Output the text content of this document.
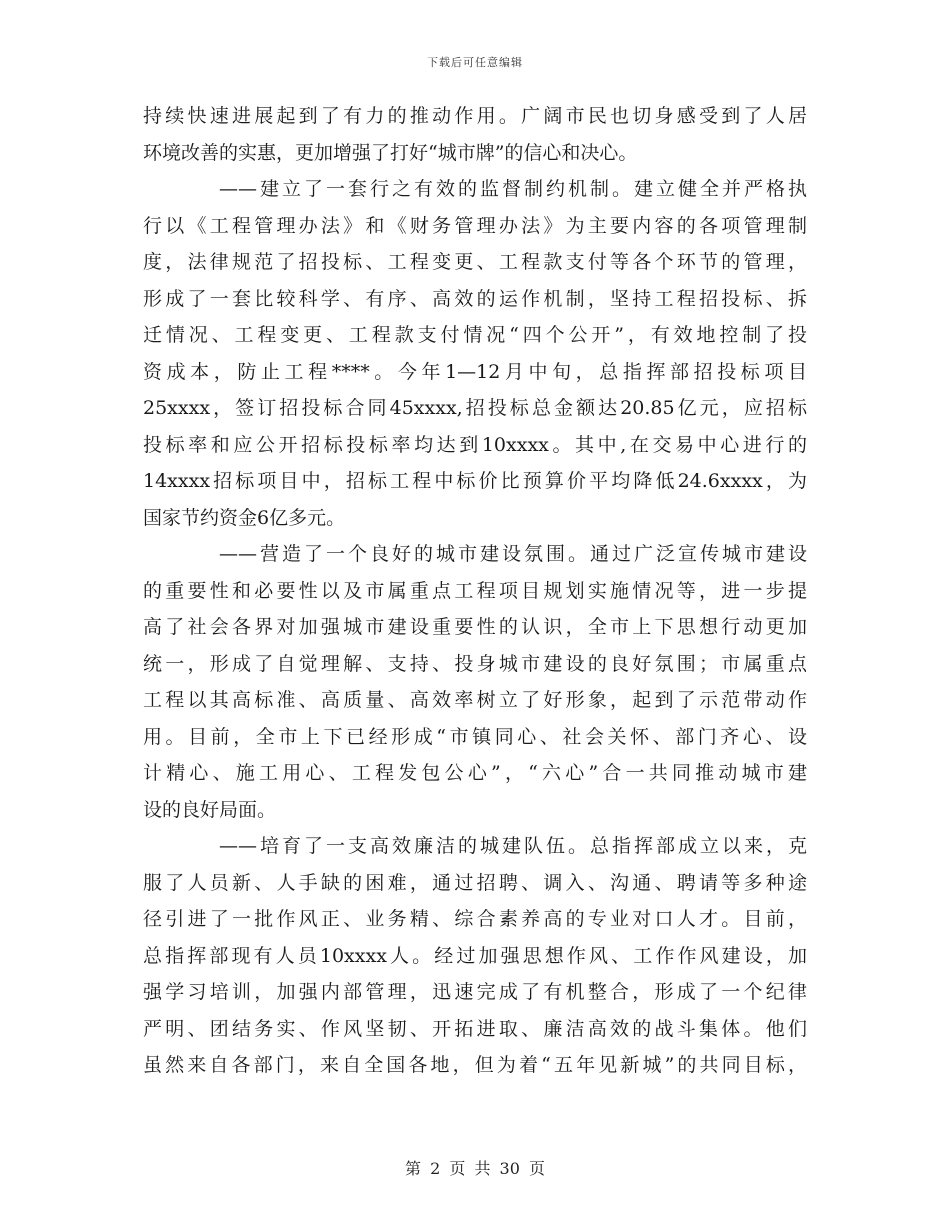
下载后可任意编辑
持续快速进展起到了有力的推动作用。广阔市民也切身感受到了人居
环境改善的实惠，更加增强了打好“城市牌”的信心和决心。
——建立了一套行之有效的监督制约机制。建立健全并严格执
行以《工程管理办法》和《财务管理办法》为主要内容的各项管理制
度，法律规范了招投标、工程变更、工程款支付等各个环节的管理，
形成了一套比较科学、有序、高效的运作机制，坚持工程招投标、拆
迁情况、工程变更、工程款支付情况“四个公开”，有效地控制了投
资成本，防止工程****。今年1—12月中旬，总指挥部招投标项目
25xxxx，签订招投标合同45xxxx,招投标总金额达20.85亿元，应招标
投标率和应公开招标投标率均达到10xxxx。其中,在交易中心进行的
14xxxx招标项目中，招标工程中标价比预算价平均降低24.6xxxx，为
国家节约资金6亿多元。
——营造了一个良好的城市建设氛围。通过广泛宣传城市建设
的重要性和必要性以及市属重点工程项目规划实施情况等，进一步提
高了社会各界对加强城市建设重要性的认识，全市上下思想行动更加
统一，形成了自觉理解、支持、投身城市建设的良好氛围；市属重点
工程以其高标准、高质量、高效率树立了好形象，起到了示范带动作
用。目前，全市上下已经形成“市镇同心、社会关怀、部门齐心、设
计精心、施工用心、工程发包公心”，“六心”合一共同推动城市建
设的良好局面。
——培育了一支高效廉洁的城建队伍。总指挥部成立以来，克
服了人员新、人手缺的困难，通过招聘、调入、沟通、聘请等多种途
径引进了一批作风正、业务精、综合素养高的专业对口人才。目前，
总指挥部现有人员10xxxx人。经过加强思想作风、工作作风建设，加
强学习培训，加强内部管理，迅速完成了有机整合，形成了一个纪律
严明、团结务实、作风坚韧、开拓进取、廉洁高效的战斗集体。他们
虽然来自各部门，来自全国各地，但为着“五年见新城”的共同目标，
第 2 页 共 30 页
